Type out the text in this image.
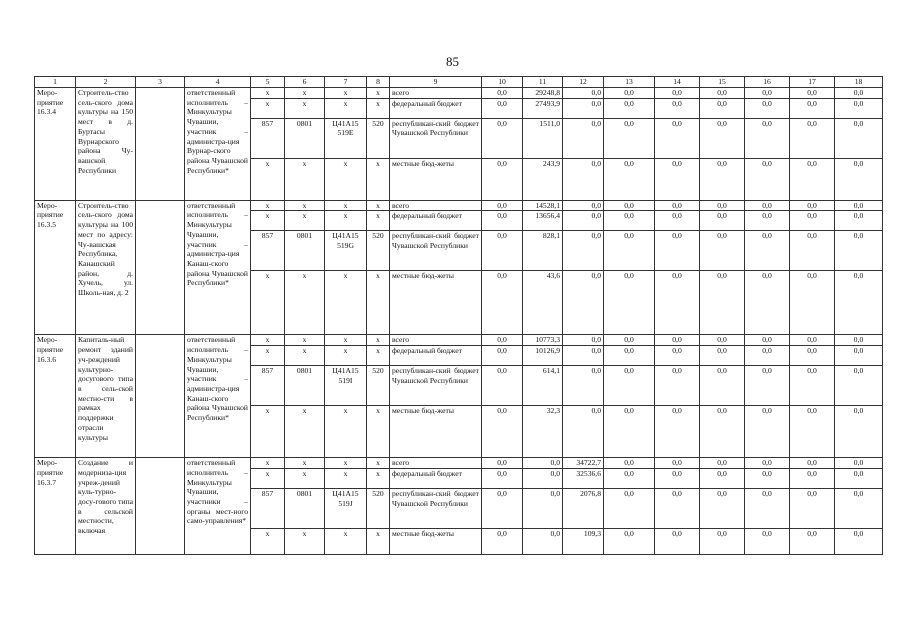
85
1	2	3	4	5	6	7	8	9	10	11	12	13	14	15	16	17	18
Меро-приятие 16.3.4	Строитель-ство сель-ского дома культуры на 150 мест в д. Буртасы Вурнарского района Чу-вашской Республики		ответственный исполнитель – Минкультуры Чувашии, участник – администра-ция Вурнар-ского района Чувашской Республики*	x	x	x	x	всего	0,0	29248,8	0,0	0,0	0,0	0,0	0,0	0,0	0,0
				x	x	x	x	федеральный бюджет	0,0	27493,9	0,0	0,0	0,0	0,0	0,0	0,0	0,0
				857	0801	Ц41А15 519Е	520	республикан-ский бюджет Чувашской Республики	0,0	1511,0	0,0	0,0	0,0	0,0	0,0	0,0	0,0
				x	x	x	x	местные бюд-жеты	0,0	243,9	0,0	0,0	0,0	0,0	0,0	0,0	0,0
Меро-приятие 16.3.5	Строитель-ство сель-ского дома культуры на 100 мест по адресу: Чу-вашская Республика, Канашский район, д. Хучель, ул. Школь-ная, д. 2		ответственный исполнитель – Минкультуры Чувашии, участник – администра-ция Канаш-ского района Чувашской Республики*	x	x	x	x	всего	0,0	14528,1	0,0	0,0	0,0	0,0	0,0	0,0	0,0
				x	x	x	x	федеральный бюджет	0,0	13656,4	0,0	0,0	0,0	0,0	0,0	0,0	0,0
				857	0801	Ц41А15 519G	520	республикан-ский бюджет Чувашской Республики	0,0	828,1	0,0	0,0	0,0	0,0	0,0	0,0	0,0
				x	x	x	x	местные бюд-жеты	0,0	43,6	0,0	0,0	0,0	0,0	0,0	0,0	0,0
Меро-приятие 16.3.6	Капиталь-ный ремонт зданий уч-реждений культурно-досугового типа в сель-ской местно-сти в рамках поддержки отрасли культуры		ответственный исполнитель – Минкультуры Чувашии, участник – администра-ция Канаш-ского района Чувашской Республики*	x	x	x	x	всего	0,0	10773,3	0,0	0,0	0,0	0,0	0,0	0,0	0,0
				x	x	x	x	федеральный бюджет	0,0	10126,9	0,0	0,0	0,0	0,0	0,0	0,0	0,0
				857	0801	Ц41А15 519I	520	республикан-ский бюджет Чувашской Республики	0,0	614,1	0,0	0,0	0,0	0,0	0,0	0,0	0,0
				x	x	x	x	местные бюд-жеты	0,0	32,3	0,0	0,0	0,0	0,0	0,0	0,0	0,0
Меро-приятие 16.3.7	Создание и модерниза-ция учреж-дений куль-турно-досу-гового типа в сельской местности, включая		ответственный исполнитель – Минкультуры Чувашии, участники – органы мест-ного само-управления*	x	x	x	x	всего	0,0	0,0	34722,7	0,0	0,0	0,0	0,0	0,0	0,0
				x	x	x	x	федеральный бюджет	0,0	0,0	32536,6	0,0	0,0	0,0	0,0	0,0	0,0
				857	0801	Ц41А15 519J	520	республикан-ский бюджет Чувашской Республики	0,0	0,0	2076,8	0,0	0,0	0,0	0,0	0,0	0,0
				x	x	x	x	местные бюд-жеты	0,0	0,0	109,3	0,0	0,0	0,0	0,0	0,0	0,0
